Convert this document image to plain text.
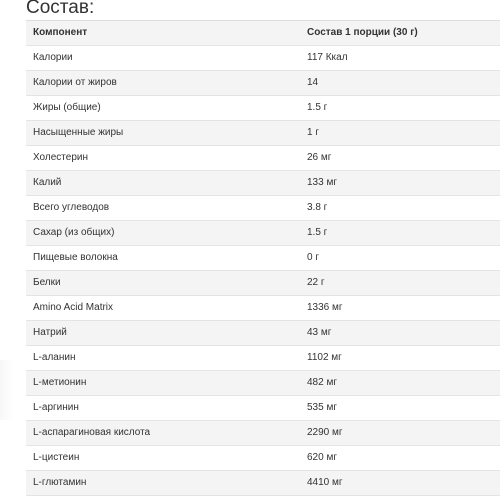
Состав:
Компонент	Состав 1 порции (30 г)
Калории	117 Ккал
Калории от жиров	14
Жиры (общие)	1.5 г
Насыщенные жиры	1 г
Холестерин	26 мг
Калий	133 мг
Всего углеводов	3.8 г
Сахар (из общих)	1.5 г
Пищевые волокна	0 г
Белки	22 г
Amino Acid Matrix	1336 мг
Натрий	43 мг
L-аланин	1102 мг
L-метионин	482 мг
L-аргинин	535 мг
L-аспарагиновая кислота	2290 мг
L-цистеин	620 мг
L-глютамин	4410 мг
